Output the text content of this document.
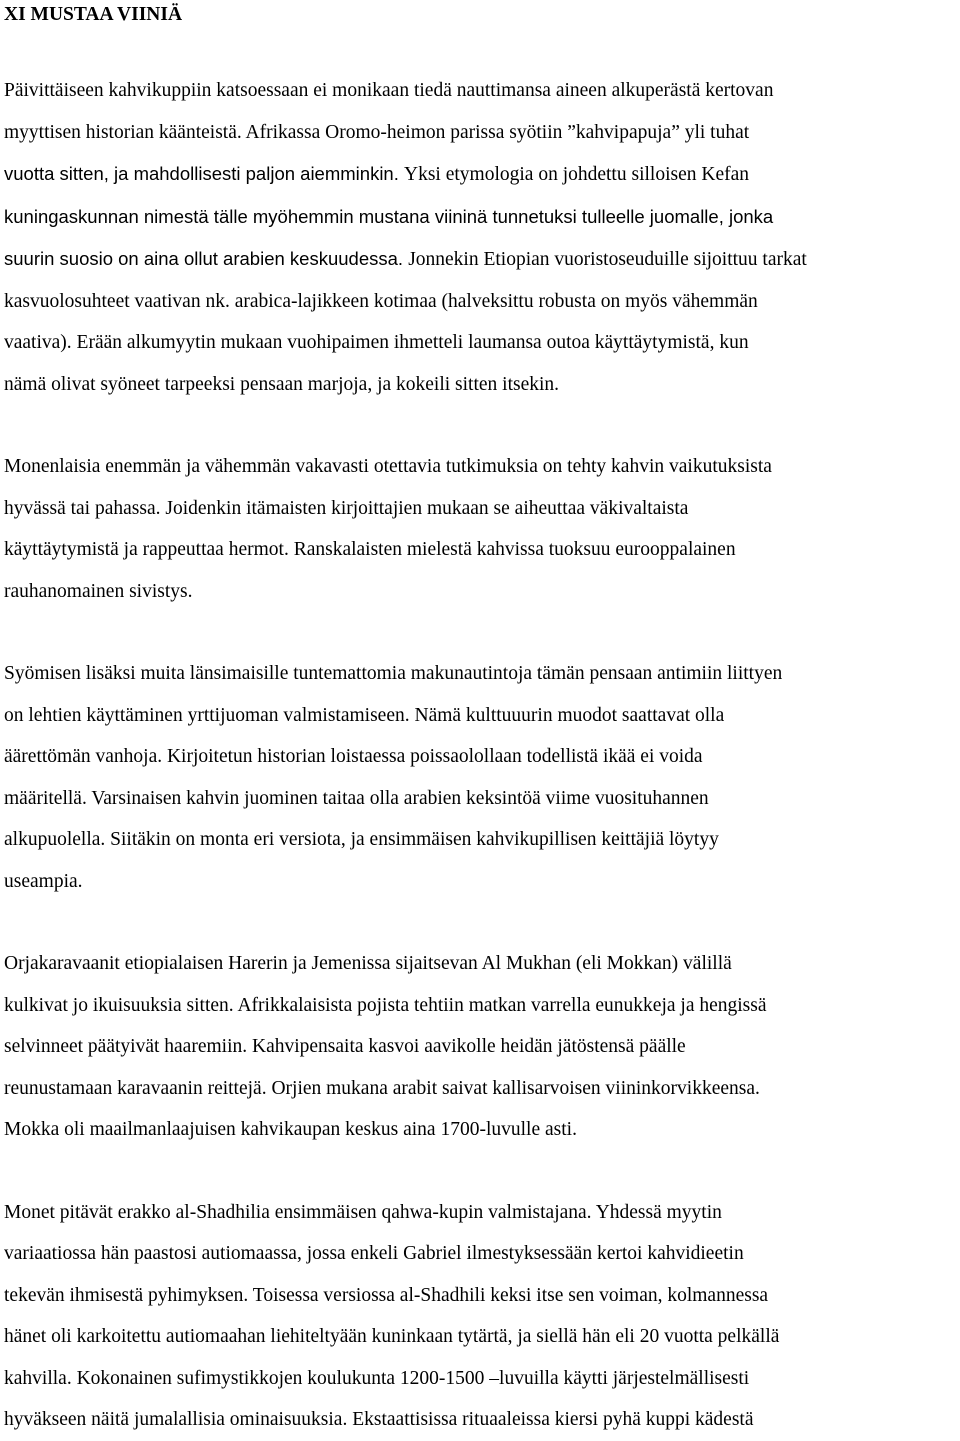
XI MUSTAA VIINIÄ

Päivittäiseen kahvikuppiin katsoessaan ei monikaan tiedä nauttimansa aineen alkuperästä kertovan
myyttisen historian käänteistä. Afrikassa Oromo-heimon parissa syötiin ”kahvipapuja” yli tuhat
vuotta sitten, ja mahdollisesti paljon aiemminkin. Yksi etymologia on johdettu silloisen Kefan
kuningaskunnan nimestä tälle myöhemmin mustana viininä tunnetuksi tulleelle juomalle, jonka
suurin suosio on aina ollut arabien keskuudessa. Jonnekin Etiopian vuoristoseuduille sijoittuu tarkat
kasvuolosuhteet vaativan nk. arabica-lajikkeen kotimaa (halveksittu robusta on myös vähemmän
vaativa). Erään alkumyytin mukaan vuohipaimen ihmetteli laumansa outoa käyttäytymistä, kun
nämä olivat syöneet tarpeeksi pensaan marjoja, ja kokeili sitten itsekin.

Monenlaisia enemmän ja vähemmän vakavasti otettavia tutkimuksia on tehty kahvin vaikutuksista
hyvässä tai pahassa. Joidenkin itämaisten kirjoittajien mukaan se aiheuttaa väkivaltaista
käyttäytymistä ja rappeuttaa hermot. Ranskalaisten mielestä kahvissa tuoksuu eurooppalainen
rauhanomainen sivistys.

Syömisen lisäksi muita länsimaisille tuntemattomia makunautintoja tämän pensaan antimiin liittyen
on lehtien käyttäminen yrttijuoman valmistamiseen. Nämä kulttuuurin muodot saattavat olla
äärettömän vanhoja. Kirjoitetun historian loistaessa poissaolollaan todellistä ikää ei voida
määritellä. Varsinaisen kahvin juominen taitaa olla arabien keksintöä viime vuosituhannen
alkupuolella. Siitäkin on monta eri versiota, ja ensimmäisen kahvikupillisen keittäjiä löytyy
useampia.

Orjakaravaanit etiopialaisen Harerin ja Jemenissa sijaitsevan Al Mukhan (eli Mokkan) välillä
kulkivat jo ikuisuuksia sitten. Afrikkalaisista pojista tehtiin matkan varrella eunukkeja ja hengissä
selvinneet päätyivät haaremiin. Kahvipensaita kasvoi aavikolle heidän jätöstensä päälle
reunustamaan karavaanin reittejä. Orjien mukana arabit saivat kallisarvoisen viininkorvikkeensa.
Mokka oli maailmanlaajuisen kahvikaupan keskus aina 1700-luvulle asti.

Monet pitävät erakko al-Shadhilia ensimmäisen qahwa-kupin valmistajana. Yhdessä myytin
variaatiossa hän paastosi autiomaassa, jossa enkeli Gabriel ilmestyksessään kertoi kahvidieetin
tekevän ihmisestä pyhimyksen. Toisessa versiossa al-Shadhili keksi itse sen voiman, kolmannessa
hänet oli karkoitettu autiomaahan liehiteltyään kuninkaan tytärtä, ja siellä hän eli 20 vuotta pelkällä
kahvilla. Kokonainen sufimystikkojen koulukunta 1200-1500 –luvuilla käytti järjestelmällisesti
hyväkseen näitä jumalallisia ominaisuuksia. Ekstaattisissa rituaaleissa kiersi pyhä kuppi kädestä
